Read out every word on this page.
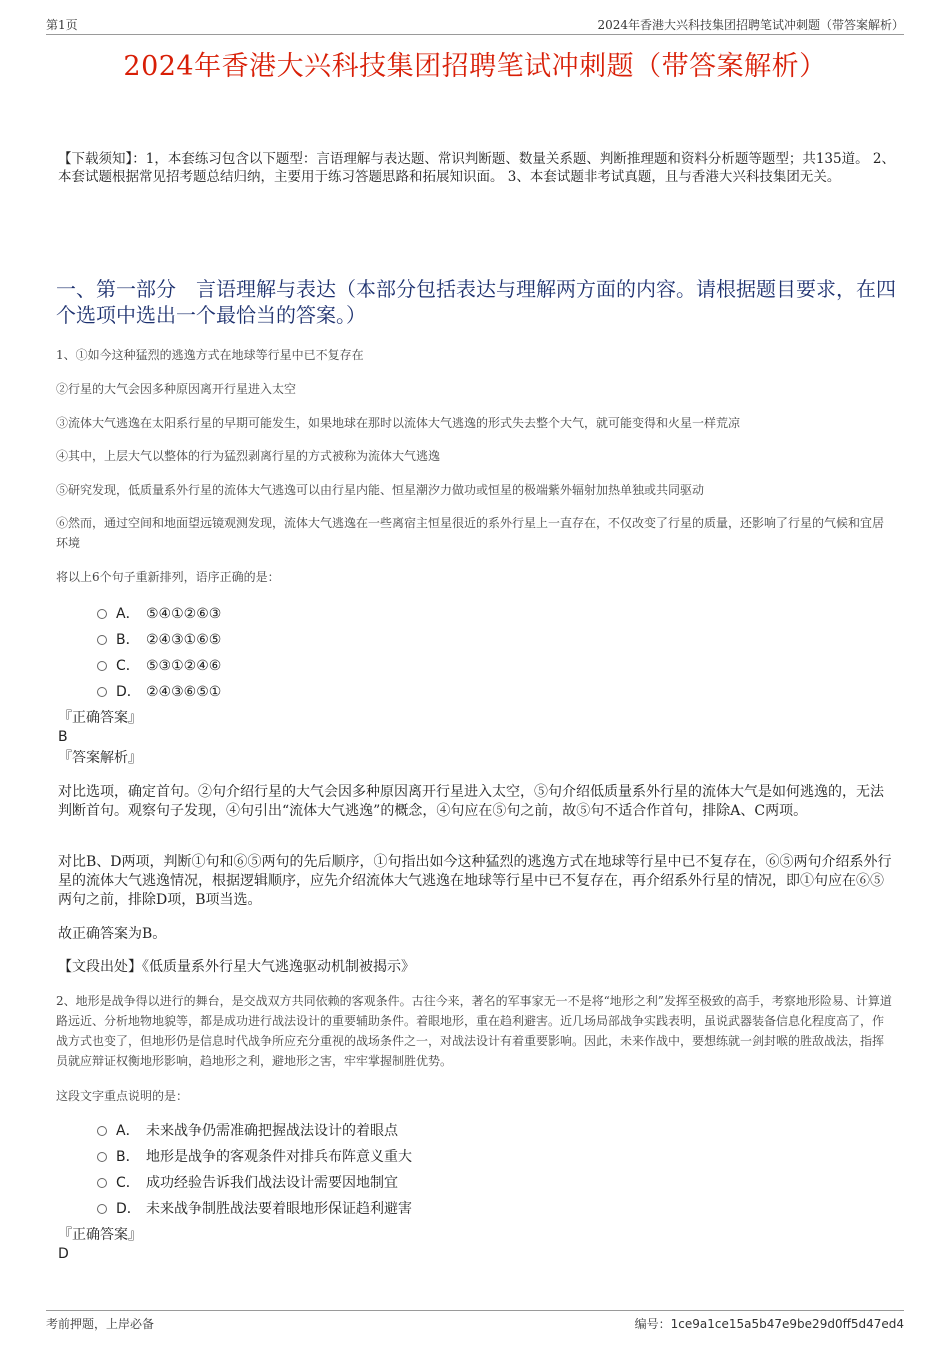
第1页	2024年香港大兴科技集团招聘笔试冲刺题（带答案解析）
2024年香港大兴科技集团招聘笔试冲刺题（带答案解析）
【下载须知】：1，本套练习包含以下题型：言语理解与表达题、常识判断题、数量关系题、判断推理题和资料分析题等题型；共135道。 2、本套试题根据常见招考题总结归纳，主要用于练习答题思路和拓展知识面。 3、本套试题非考试真题，且与香港大兴科技集团无关。
一、第一部分　言语理解与表达（本部分包括表达与理解两方面的内容。请根据题目要求，在四个选项中选出一个最恰当的答案。）
1、①如今这种猛烈的逃逸方式在地球等行星中已不复存在
②行星的大气会因多种原因离开行星进入太空
③流体大气逃逸在太阳系行星的早期可能发生，如果地球在那时以流体大气逃逸的形式失去整个大气，就可能变得和火星一样荒凉
④其中，上层大气以整体的行为猛烈剥离行星的方式被称为流体大气逃逸
⑤研究发现，低质量系外行星的流体大气逃逸可以由行星内能、恒星潮汐力做功或恒星的极端紫外辐射加热单独或共同驱动
⑥然而，通过空间和地面望远镜观测发现，流体大气逃逸在一些离宿主恒星很近的系外行星上一直存在，不仅改变了行星的质量，还影响了行星的气候和宜居环境
将以上6个句子重新排列，语序正确的是：
A． ⑤④①②⑥③
B． ②④③①⑥⑤
C． ⑤③①②④⑥
D． ②④③⑥⑤①
『正确答案』
B
『答案解析』
对比选项，确定首句。②句介绍行星的大气会因多种原因离开行星进入太空，⑤句介绍低质量系外行星的流体大气是如何逃逸的，无法判断首句。观察句子发现，④句引出“流体大气逃逸”的概念，④句应在⑤句之前，故⑤句不适合作首句，排除A、C两项。
对比B、D两项，判断①句和⑥⑤两句的先后顺序，①句指出如今这种猛烈的逃逸方式在地球等行星中已不复存在，⑥⑤两句介绍系外行星的流体大气逃逸情况，根据逻辑顺序，应先介绍流体大气逃逸在地球等行星中已不复存在，再介绍系外行星的情况，即①句应在⑥⑤两句之前，排除D项，B项当选。
故正确答案为B。
【文段出处】《低质量系外行星大气逃逸驱动机制被揭示》
2、地形是战争得以进行的舞台，是交战双方共同依赖的客观条件。古往今来，著名的军事家无一不是将“地形之利”发挥至极致的高手，考察地形险易、计算道路远近、分析地物地貌等，都是成功进行战法设计的重要辅助条件。着眼地形，重在趋利避害。近几场局部战争实践表明，虽说武器装备信息化程度高了，作战方式也变了，但地形仍是信息时代战争所应充分重视的战场条件之一，对战法设计有着重要影响。因此，未来作战中，要想练就一剑封喉的胜敌战法，指挥员就应辩证权衡地形影响，趋地形之利，避地形之害，牢牢掌握制胜优势。
这段文字重点说明的是：
A． 未来战争仍需准确把握战法设计的着眼点
B． 地形是战争的客观条件对排兵布阵意义重大
C． 成功经验告诉我们战法设计需要因地制宜
D． 未来战争制胜战法要着眼地形保证趋利避害
『正确答案』
D
考前押题，上岸必备	编号：1ce9a1ce15a5b47e9be29d0ff5d47ed4
